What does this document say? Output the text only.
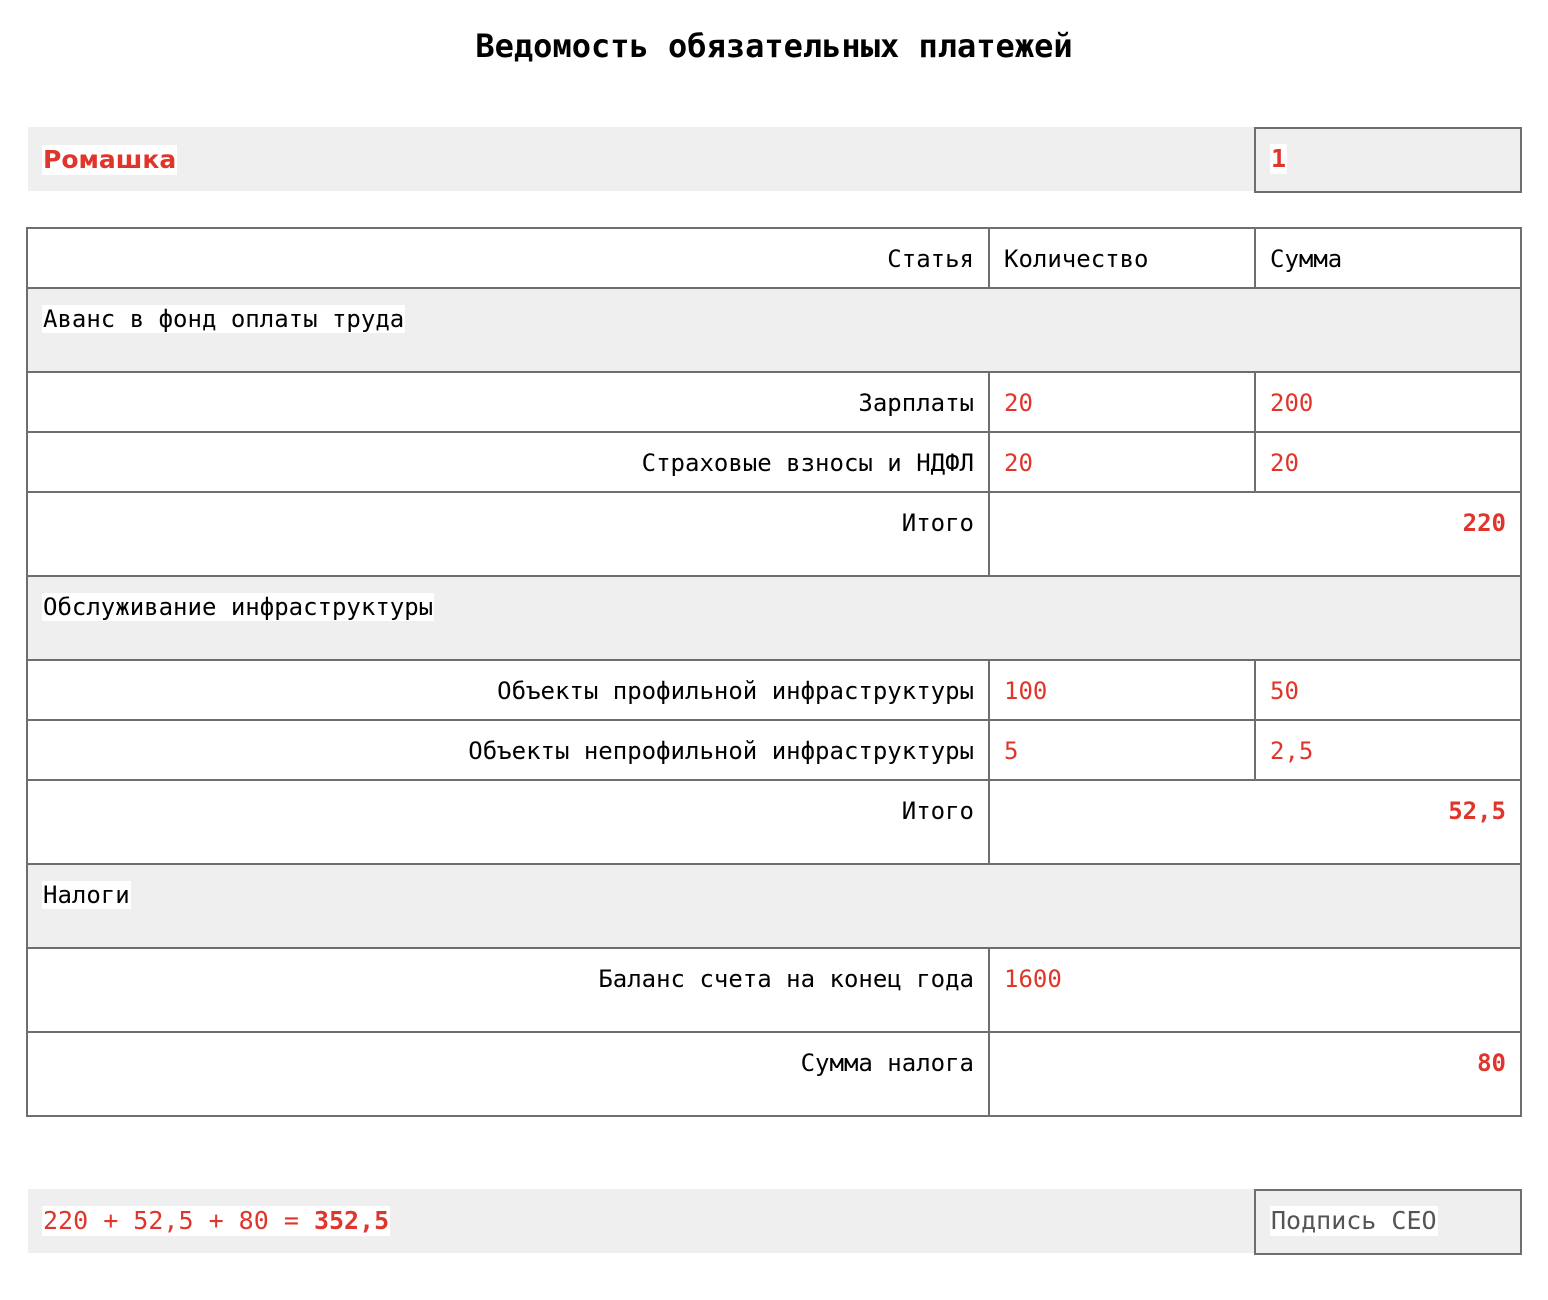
Ведомость обязательных платежей
Ромашка	1
Статья	Количество	Сумма
Аванс в фонд оплаты труда		
Зарплаты	20	200
Страховые взносы и НДФЛ	20	20
Итого	220	
Обслуживание инфраструктуры		
Объекты профильной инфраструктуры	100	50
Объекты непрофильной инфраструктуры	5	2,5
Итого	52,5	
Налоги		
Баланс счета на конец года	1600	
Сумма налога	80	
220 + 52,5 + 80 = 352,5	Подпись CEO
